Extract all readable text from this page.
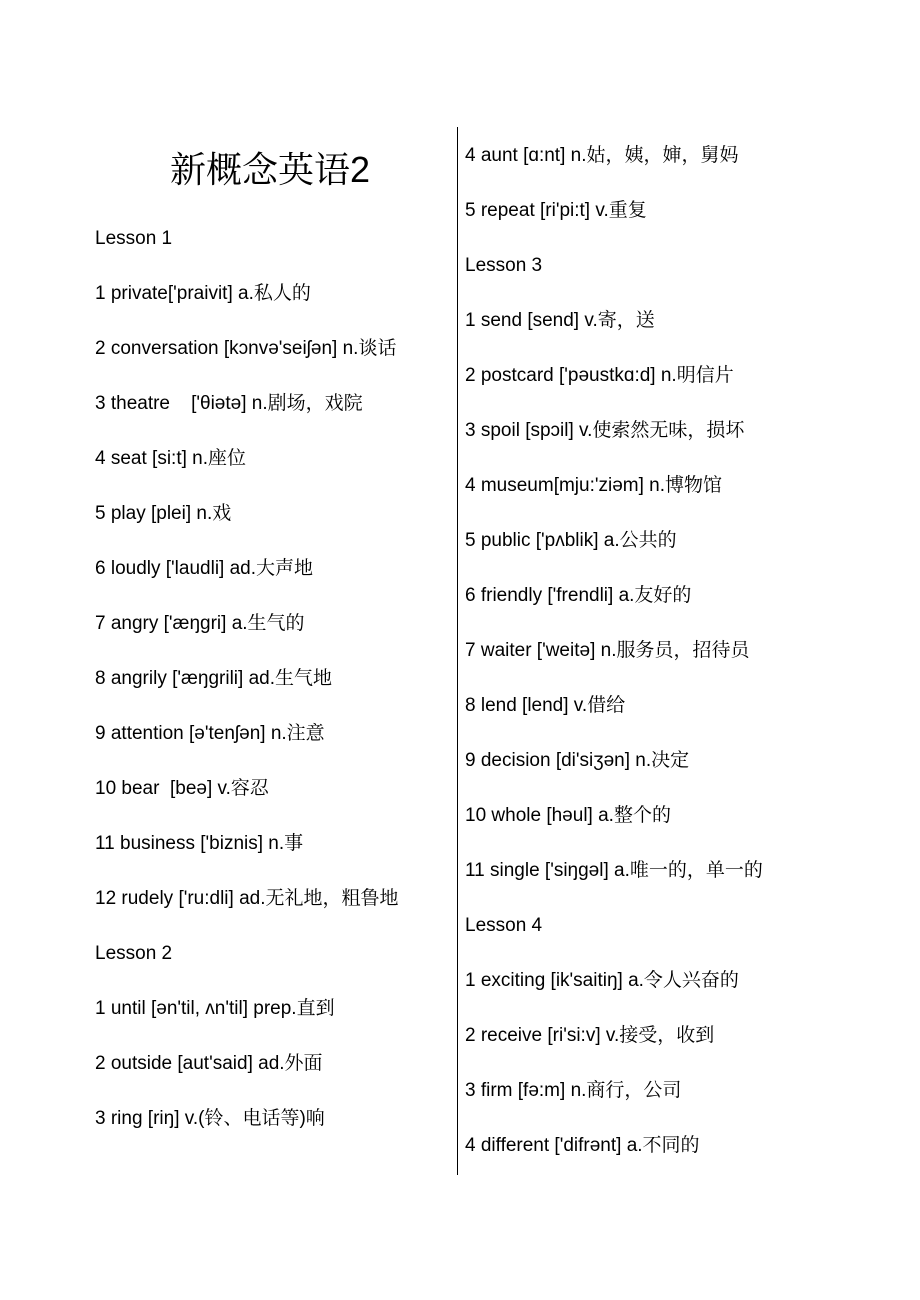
新概念英语2
Lesson 1
1 private['praivit] a.私人的
2 conversation [kɔnvə'seiʃən] n.谈话
3 theatre    ['θiətə] n.剧场，戏院
4 seat [si:t] n.座位
5 play [plei] n.戏
6 loudly ['laudli] ad.大声地
7 angry ['æŋgri] a.生气的
8 angrily ['æŋgrili] ad.生气地
9 attention [ə'tenʃən] n.注意
10 bear  [beə] v.容忍
11 business ['biznis] n.事
12 rudely ['ru:dli] ad.无礼地，粗鲁地
Lesson 2
1 until [ən'til, ʌn'til] prep.直到
2 outside [aut'said] ad.外面
3 ring [riŋ] v.(铃、电话等)响
4 aunt [ɑ:nt] n.姑，姨，婶，舅妈
5 repeat [ri'pi:t] v.重复
Lesson 3
1 send [send] v.寄，送
2 postcard ['pəustkɑ:d] n.明信片
3 spoil [spɔil] v.使索然无味，损坏
4 museum[mju:'ziəm] n.博物馆
5 public ['pʌblik] a.公共的
6 friendly ['frendli] a.友好的
7 waiter ['weitə] n.服务员，招待员
8 lend [lend] v.借给
9 decision [di'siʒən] n.决定
10 whole [həul] a.整个的
11 single ['siŋgəl] a.唯一的，单一的
Lesson 4
1 exciting [ik'saitiŋ] a.令人兴奋的
2 receive [ri'si:v] v.接受，收到
3 firm [fə:m] n.商行，公司
4 different ['difrənt] a.不同的
